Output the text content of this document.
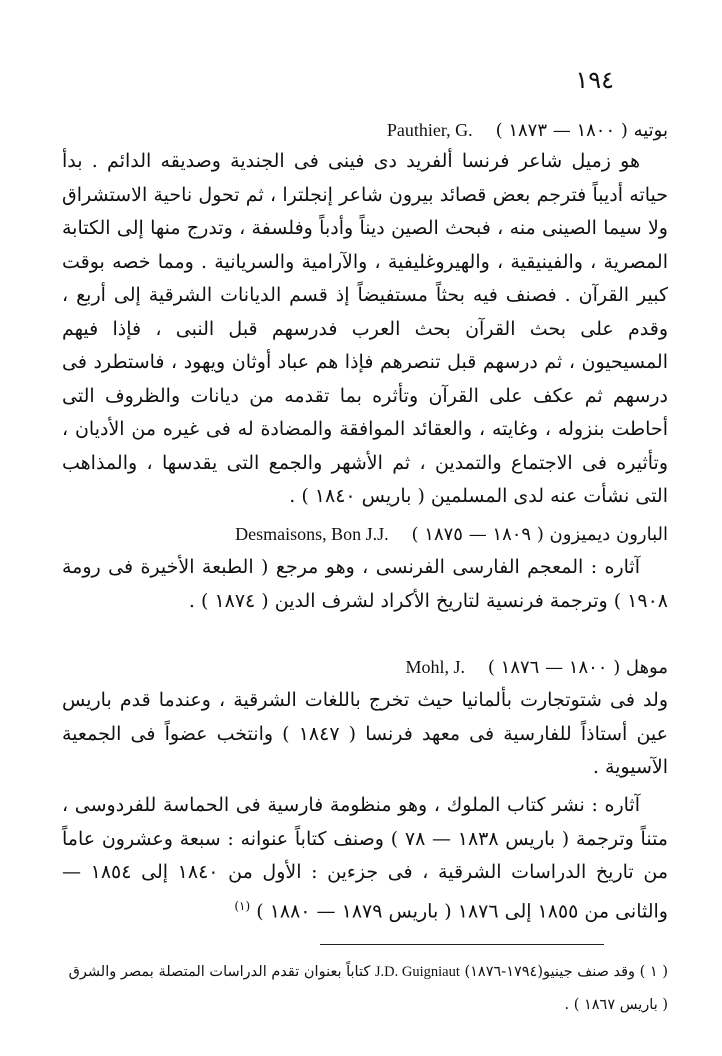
١٩٤
بوتيه ( ١٨٠٠ — ١٨٧٣ )    Pauthier, G.
هو زميل شاعر فرنسا ألفريد دى فينى فى الجندية وصديقه الدائم . بدأ حياته أديباً فترجم بعض قصائد بيرون شاعر إنجلترا ، ثم تحول ناحية الاستشراق ولا سيما الصينى منه ، فبحث الصين ديناً وأدباً وفلسفة ، وتدرج منها إلى الكتابة المصرية ، والفينيقية ، والهيروغليفية ، والآرامية والسريانية . ومما خصه بوقت كبير القرآن . فصنف فيه بحثاً مستفيضاً إذ قسم الديانات الشرقية إلى أربع ، وقدم على بحث القرآن بحث العرب فدرسهم قبل النبى ، فإذا فيهم المسيحيون ، ثم درسهم قبل تنصرهم فإذا هم عباد أوثان ويهود ، فاستطرد فى درسهم ثم عكف على القرآن وتأثره بما تقدمه من ديانات والظروف التى أحاطت بنزوله ، وغايته ، والعقائد الموافقة والمضادة له فى غيره من الأديان ، وتأثيره فى الاجتماع والتمدين ، ثم الأشهر والجمع التى يقدسها ، والمذاهب التى نشأت عنه لدى المسلمين ( باريس ١٨٤٠ ) .
البارون ديميزون ( ١٨٠٩ — ١٨٧٥ )    Desmaisons, Bon J.J.
آثاره : المعجم الفارسى الفرنسى ، وهو مرجع ( الطبعة الأخيرة فى رومة ١٩٠٨ ) وترجمة فرنسية لتاريخ الأكراد لشرف الدين ( ١٨٧٤ ) .
موهل ( ١٨٠٠ — ١٨٧٦ )    Mohl, J.
ولد فى شتوتجارت بألمانيا حيث تخرج باللغات الشرقية ، وعندما قدم باريس عين أستاذاً للفارسية فى معهد فرنسا ( ١٨٤٧ ) وانتخب عضواً فى الجمعية الآسيوية .
آثاره : نشر كتاب الملوك ، وهو منظومة فارسية فى الحماسة للفردوسى ، متناً وترجمة ( باريس ١٨٣٨ — ٧٨ ) وصنف كتاباً عنوانه : سبعة وعشرون عاماً من تاريخ الدراسات الشرقية ، فى جزءين : الأول من ١٨٤٠ إلى ١٨٥٤ — والثانى من ١٨٥٥ إلى ١٨٧٦ ( باريس ١٨٧٩ — ١٨٨٠ ) $^{(١)}$
( ١ ) وقد صنف جينيو(١٧٩٤-١٨٧٦) J.D. Guigniaut كتاباً بعنوان تقدم الدراسات المتصلة بمصر والشرق ( باريس ١٨٦٧ ) .
